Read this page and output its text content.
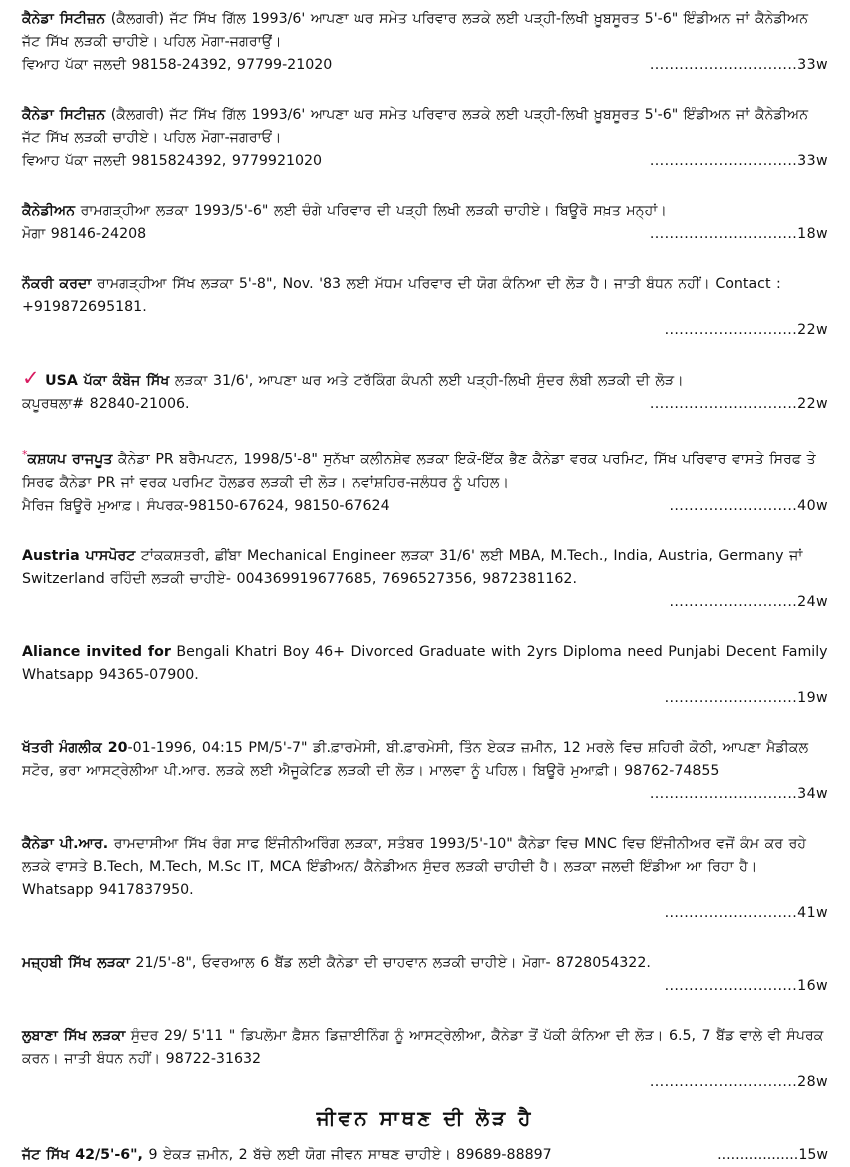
ਕੈਨੇਡਾ ਸਿਟੀਜ਼ਨ (ਕੈਲਗਰੀ) ਜੱਟ ਸਿੱਖ ਗਿੱਲ 1993/6' ਆਪਣਾ ਘਰ ਸਮੇਤ ਪਰਿਵਾਰ ਲੜਕੇ ਲਈ ਪੜ੍ਹੀ-ਲਿਖੀ ਖ਼ੂਬਸੂਰਤ 5'-6" ਇੰਡੀਅਨ ਜਾਂ ਕੈਨੇਡੀਅਨ ਜੱਟ ਸਿੱਖ ਲੜਕੀ ਚਾਹੀਏ। ਪਹਿਲ ਮੋਗਾ-ਜਗਰਾਉਂ।
ਵਿਆਹ ਪੱਕਾ ਜਲਦੀ 98158-24392, 97799-21020	..............................33w
ਕੈਨੇਡਾ ਸਿਟੀਜ਼ਨ (ਕੈਲਗਰੀ) ਜੱਟ ਸਿੱਖ ਗਿੱਲ 1993/6' ਆਪਣਾ ਘਰ ਸਮੇਤ ਪਰਿਵਾਰ ਲੜਕੇ ਲਈ ਪੜ੍ਹੀ-ਲਿਖੀ ਖ਼ੂਬਸੂਰਤ 5'-6" ਇੰਡੀਅਨ ਜਾਂ ਕੈਨੇਡੀਅਨ ਜੱਟ ਸਿੱਖ ਲੜਕੀ ਚਾਹੀਏ। ਪਹਿਲ ਮੋਗਾ-ਜਗਰਾਓਂ।
ਵਿਆਹ ਪੱਕਾ ਜਲਦੀ 9815824392, 9779921020	..............................33w
ਕੈਨੇਡੀਅਨ ਰਾਮਗੜ੍ਹੀਆ ਲੜਕਾ 1993/5'-6" ਲਈ ਚੰਗੇ ਪਰਿਵਾਰ ਦੀ ਪੜ੍ਹੀ ਲਿਖੀ ਲੜਕੀ ਚਾਹੀਏ। ਬਿਊਰੋ ਸਖ਼ਤ ਮਨ੍ਹਾਂ।
ਮੋਗਾ 98146-24208	..............................18w
ਨੌਕਰੀ ਕਰਦਾ ਰਾਮਗੜ੍ਹੀਆ ਸਿੱਖ ਲੜਕਾ 5'-8", Nov. '83 ਲਈ ਮੱਧਮ ਪਰਿਵਾਰ ਦੀ ਯੋਗ ਕੰਨਿਆ ਦੀ ਲੋੜ ਹੈ। ਜਾਤੀ ਬੰਧਨ ਨਹੀਂ। Contact : +919872695181.
...........................22w
✓ USA ਪੱਕਾ ਕੰਬੋਜ ਸਿੱਖ ਲੜਕਾ 31/6', ਆਪਣਾ ਘਰ ਅਤੇ ਟਰੱਕਿੰਗ ਕੰਪਨੀ ਲਈ ਪੜ੍ਹੀ-ਲਿਖੀ ਸੁੰਦਰ ਲੰਬੀ ਲੜਕੀ ਦੀ ਲੋੜ।
ਕਪੂਰਥਲਾ# 82840-21006.	..............................22w
*ਕਸ਼ਯਪ ਰਾਜਪੂਤ ਕੈਨੇਡਾ PR ਬਰੈਮਪਟਨ, 1998/5'-8" ਸੁਨੱਖਾ ਕਲੀਨਸ਼ੇਵ ਲੜਕਾ ਇਕੋ-ਇੱਕ ਭੈਣ ਕੈਨੇਡਾ ਵਰਕ ਪਰਮਿਟ, ਸਿੱਖ ਪਰਿਵਾਰ ਵਾਸਤੇ ਸਿਰਫ ਤੇ ਸਿਰਫ ਕੈਨੇਡਾ PR ਜਾਂ ਵਰਕ ਪਰਮਿਟ ਹੋਲਡਰ ਲੜਕੀ ਦੀ ਲੋੜ। ਨਵਾਂਸ਼ਹਿਰ-ਜਲੰਧਰ ਨੂੰ ਪਹਿਲ।
ਮੈਰਿਜ ਬਿਊਰੋ ਮੁਆਫ਼। ਸੰਪਰਕ-98150-67624, 98150-67624	..........................40w
Austria ਪਾਸਪੋਰਟ ਟਾਂਕਕਸ਼ਤਰੀ, ਛੀਂਬਾ Mechanical Engineer ਲੜਕਾ 31/6' ਲਈ MBA, M.Tech., India, Austria, Germany ਜਾਂ Switzerland ਰਹਿੰਦੀ ਲੜਕੀ ਚਾਹੀਏ- 004369919677685, 7696527356, 9872381162.
..........................24w
Aliance invited for Bengali Khatri Boy 46+ Divorced Graduate with 2yrs Diploma need Punjabi Decent Family Whatsapp 94365-07900.
...........................19w
ਖੱਤਰੀ ਮੰਗਲੀਕ 20-01-1996, 04:15 PM/5'-7" ਡੀ.ਫ਼ਾਰਮੇਸੀ, ਬੀ.ਫ਼ਾਰਮੇਸੀ, ਤਿੰਨ ਏਕੜ ਜ਼ਮੀਨ, 12 ਮਰਲੇ ਵਿਚ ਸ਼ਹਿਰੀ ਕੋਠੀ, ਆਪਣਾ ਮੈਡੀਕਲ ਸਟੋਰ, ਭਰਾ ਆਸਟ੍ਰੇਲੀਆ ਪੀ.ਆਰ. ਲੜਕੇ ਲਈ ਐਜੂਕੇਟਿਡ ਲੜਕੀ ਦੀ ਲੋੜ। ਮਾਲਵਾ ਨੂੰ ਪਹਿਲ। ਬਿਊਰੋ ਮੁਆਫ਼ੀ। 98762-74855
..............................34w
ਕੈਨੇਡਾ ਪੀ.ਆਰ. ਰਾਮਦਾਸੀਆ ਸਿੱਖ ਰੰਗ ਸਾਫ ਇੰਜੀਨੀਅਰਿੰਗ ਲੜਕਾ, ਸਤੰਬਰ 1993/5'-10" ਕੈਨੇਡਾ ਵਿਚ MNC ਵਿਚ ਇੰਜੀਨੀਅਰ ਵਜੋਂ ਕੰਮ ਕਰ ਰਹੇ ਲੜਕੇ ਵਾਸਤੇ B.Tech, M.Tech, M.Sc IT, MCA ਇੰਡੀਅਨ/ ਕੈਨੇਡੀਅਨ ਸੁੰਦਰ ਲੜਕੀ ਚਾਹੀਦੀ ਹੈ। ਲੜਕਾ ਜਲਦੀ ਇੰਡੀਆ ਆ ਰਿਹਾ ਹੈ। Whatsapp 9417837950.
...........................41w
ਮਜ਼੍ਹਬੀ ਸਿੱਖ ਲੜਕਾ 21/5'-8", ਓਵਰਆਲ 6 ਬੈਂਡ ਲਈ ਕੈਨੇਡਾ ਦੀ ਚਾਹਵਾਨ ਲੜਕੀ ਚਾਹੀਏ। ਮੋਗਾ- 8728054322.
...........................16w
ਲੁਬਾਣਾ ਸਿੱਖ ਲੜਕਾ ਸੁੰਦਰ 29/ 5'11 " ਡਿਪਲੋਮਾ ਫ਼ੈਸ਼ਨ ਡਿਜ਼ਾਈਨਿੰਗ ਨੂੰ ਆਸਟ੍ਰੇਲੀਆ, ਕੈਨੇਡਾ ਤੋਂ ਪੱਕੀ ਕੰਨਿਆ ਦੀ ਲੋੜ। 6.5, 7 ਬੈਂਡ ਵਾਲੇ ਵੀ ਸੰਪਰਕ ਕਰਨ। ਜਾਤੀ ਬੰਧਨ ਨਹੀਂ। 98722-31632
..............................28w
ਜੀਵਨ ਸਾਥਣ ਦੀ ਲੋੜ ਹੈ
ਜੱਟ ਸਿੱਖ 42/5'-6", 9 ਏਕੜ ਜ਼ਮੀਨ, 2 ਬੱਚੇ ਲਈ ਯੋਗ ਜੀਵਨ ਸਾਥਣ ਚਾਹੀਏ। 89689-88897	..................15w
